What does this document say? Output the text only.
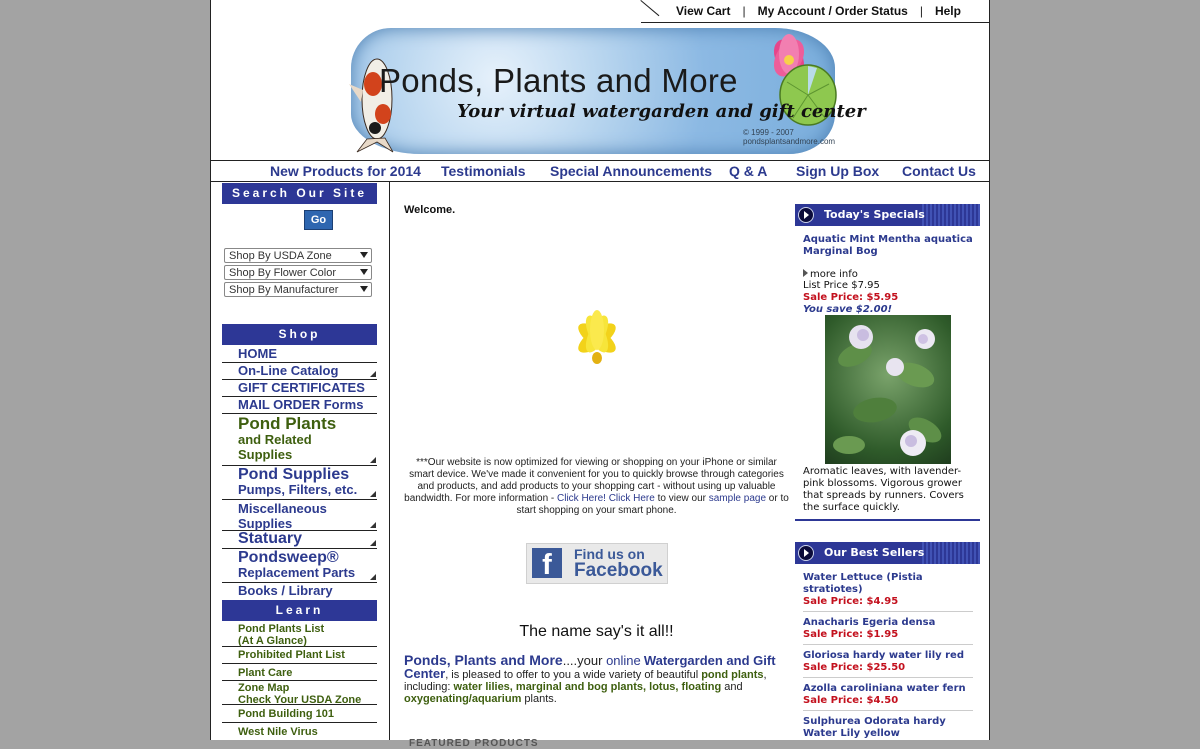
View Cart | My Account / Order Status | Help
Ponds, Plants and More
Your virtual watergarden and gift center
© 1999 - 2007
pondsplantsandmore.com
New Products for 2014 Testimonials Special Announcements Q & A Sign Up Box Contact Us
Search Our Site
Go
Shop By USDA Zone
Shop By Flower Color
Shop By Manufacturer
Shop
HOME
On-Line Catalog
GIFT CERTIFICATES
MAIL ORDER Forms
Pond Plants
and Related
Supplies
Pond Supplies
Pumps, Filters, etc.
Miscellaneous
Supplies
Statuary
Pondsweep®
Replacement Parts
Books / Library
Learn
Pond Plants List
(At A Glance)
Prohibited Plant List
Plant Care
Zone Map
Check Your USDA Zone
Pond Building 101
West Nile Virus
Welcome.
***Our website is now optimized for viewing or shopping on your iPhone or similar smart device. We've made it convenient for you to quickly browse through categories and products, and add products to your shopping cart - without using up valuable bandwidth. For more information - Click Here! Click Here to view our sample page or to start shopping on your smart phone.
f	Find us on
Facebook
The name say's it all!!
Ponds, Plants and More....your online Watergarden and Gift Center, is pleased to offer to you a wide variety of beautiful pond plants, including: water lilies, marginal and bog plants, lotus, floating and oxygenating/aquarium plants.
FEATURED PRODUCTS
Today's Specials
Aquatic Mint Mentha aquatica
Marginal Bog
more info
List Price $7.95
Sale Price: $5.95
You save $2.00!
Aromatic leaves, with lavender-
pink blossoms. Vigorous grower
that spreads by runners. Covers
the surface quickly.
Our Best Sellers
Water Lettuce (Pistia
stratiotes)
Sale Price: $4.95
Anacharis Egeria densa
Sale Price: $1.95
Gloriosa hardy water lily red
Sale Price: $25.50
Azolla caroliniana water fern
Sale Price: $4.50
Sulphurea Odorata hardy
Water Lily yellow
